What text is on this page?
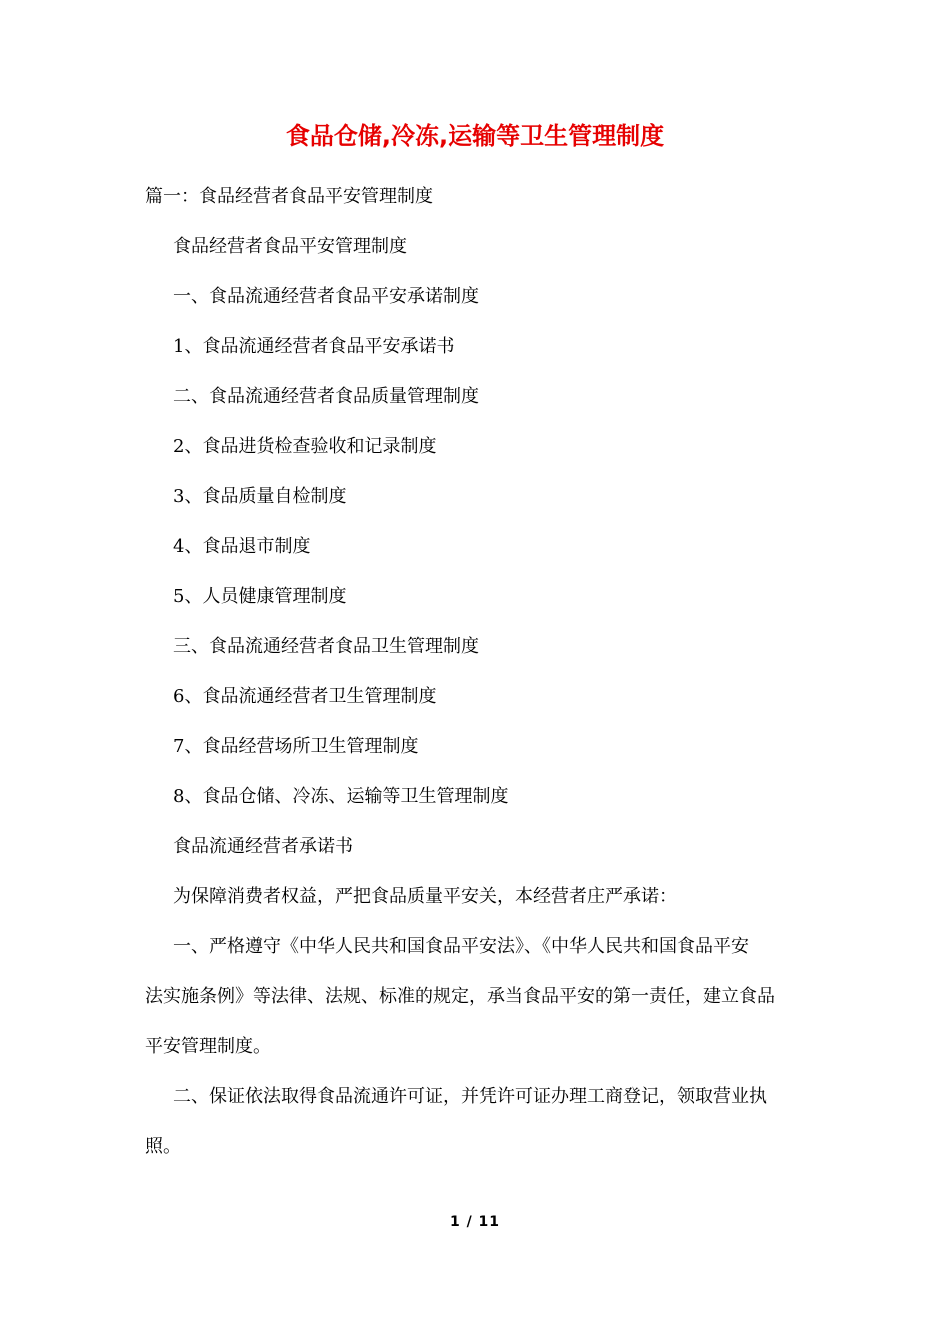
食品仓储,冷冻,运输等卫生管理制度

篇一：食品经营者食品平安管理制度

食品经营者食品平安管理制度

一、食品流通经营者食品平安承诺制度

1、食品流通经营者食品平安承诺书

二、食品流通经营者食品质量管理制度

2、食品进货检查验收和记录制度

3、食品质量自检制度

4、食品退市制度

5、人员健康管理制度

三、食品流通经营者食品卫生管理制度

6、食品流通经营者卫生管理制度

7、食品经营场所卫生管理制度

8、食品仓储、冷冻、运输等卫生管理制度

食品流通经营者承诺书

为保障消费者权益，严把食品质量平安关，本经营者庄严承诺：

一、严格遵守《中华人民共和国食品平安法》、《中华人民共和国食品平安
法实施条例》等法律、法规、标准的规定，承当食品平安的第一责任，建立食品
平安管理制度。
二、保证依法取得食品流通许可证，并凭许可证办理工商登记，领取营业执
照。
1 / 11
